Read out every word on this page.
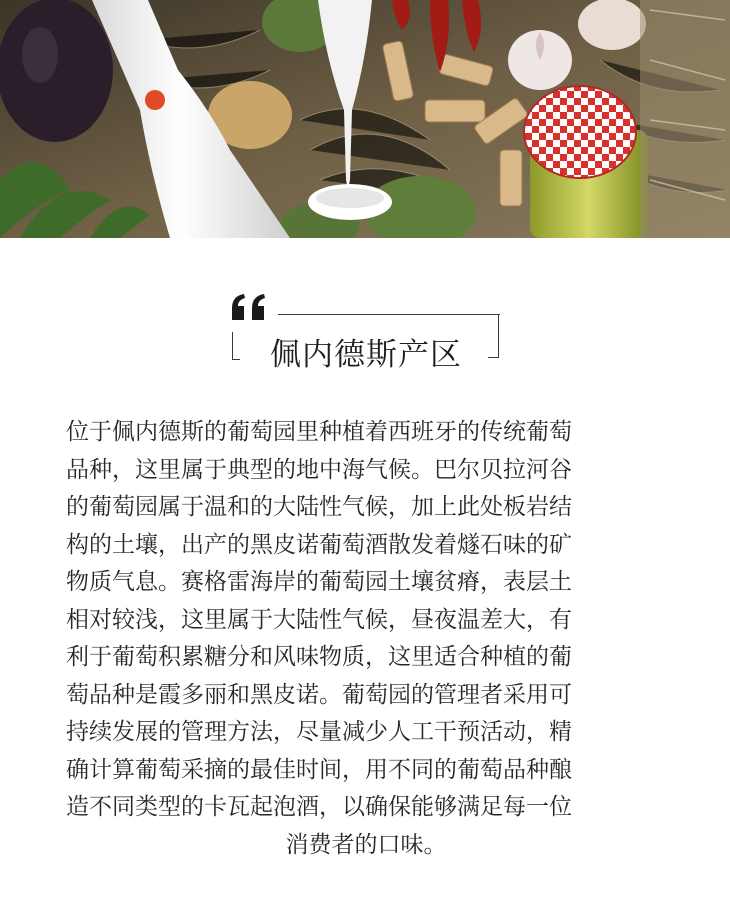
佩内德斯产区
位于佩内德斯的葡萄园里种植着西班牙的传统葡萄
品种，这里属于典型的地中海气候。巴尔贝拉河谷
的葡萄园属于温和的大陆性气候，加上此处板岩结
构的土壤，出产的黑皮诺葡萄酒散发着燧石味的矿
物质气息。赛格雷海岸的葡萄园土壤贫瘠，表层土
相对较浅，这里属于大陆性气候，昼夜温差大，有
利于葡萄积累糖分和风味物质，这里适合种植的葡
萄品种是霞多丽和黑皮诺。葡萄园的管理者采用可
持续发展的管理方法，尽量减少人工干预活动，精
确计算葡萄采摘的最佳时间，用不同的葡萄品种酿
造不同类型的卡瓦起泡酒，以确保能够满足每一位
消费者的口味。
